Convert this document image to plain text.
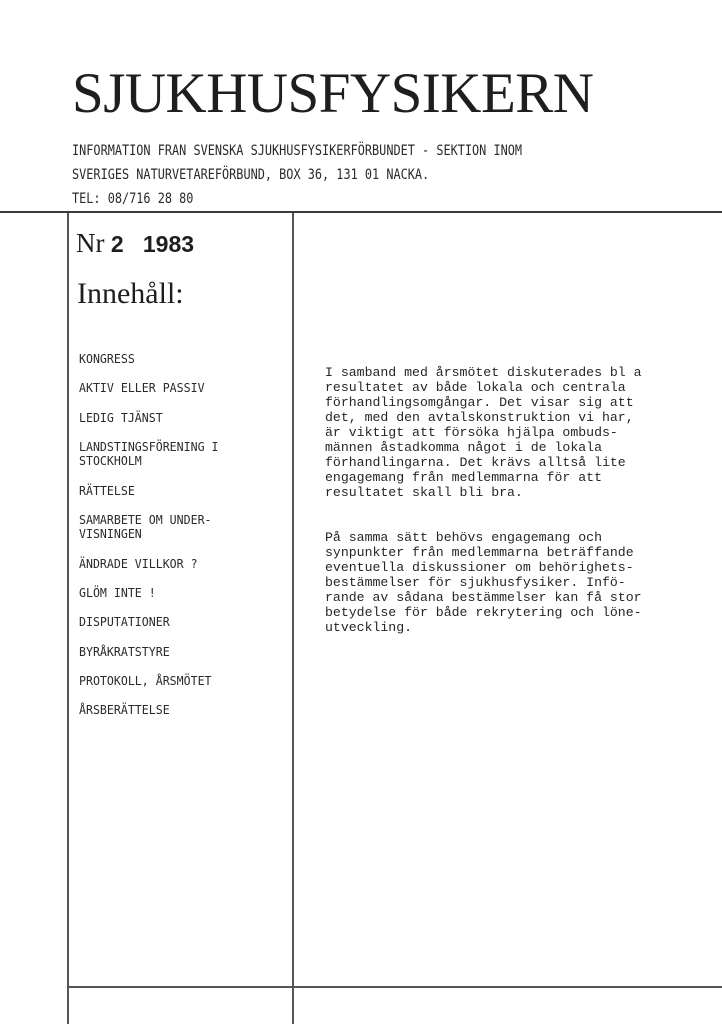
SJUKHUSFYSIKERN
INFORMATION FRAN SVENSKA SJUKHUSFYSIKERFÖRBUNDET - SEKTION INOM
SVERIGES NATURVETAREFÖRBUND, BOX 36, 131 01 NACKA.
TEL: 08/716 28 80
Nr 2 1983
Innehåll:
KONGRESS
AKTIV ELLER PASSIV
LEDIG TJÄNST
LANDSTINGSFÖRENING I
STOCKHOLM
RÄTTELSE
SAMARBETE OM UNDER-
VISNINGEN
ÄNDRADE VILLKOR ?
GLÖM INTE !
DISPUTATIONER
BYRÅKRATSTYRE
PROTOKOLL, ÅRSMÖTET
ÅRSBERÄTTELSE

I samband med årsmötet diskuterades bl a
resultatet av både lokala och centrala
förhandlingsomgångar. Det visar sig att
det, med den avtalskonstruktion vi har,
är viktigt att försöka hjälpa ombuds-
männen åstadkomma något i de lokala
förhandlingarna. Det krävs alltså lite
engagemang från medlemmarna för att
resultatet skall bli bra.

På samma sätt behövs engagemang och
synpunkter från medlemmarna beträffande
eventuella diskussioner om behörighets-
bestämmelser för sjukhusfysiker. Infö-
rande av sådana bestämmelser kan få stor
betydelse för både rekrytering och löne-
utveckling.
